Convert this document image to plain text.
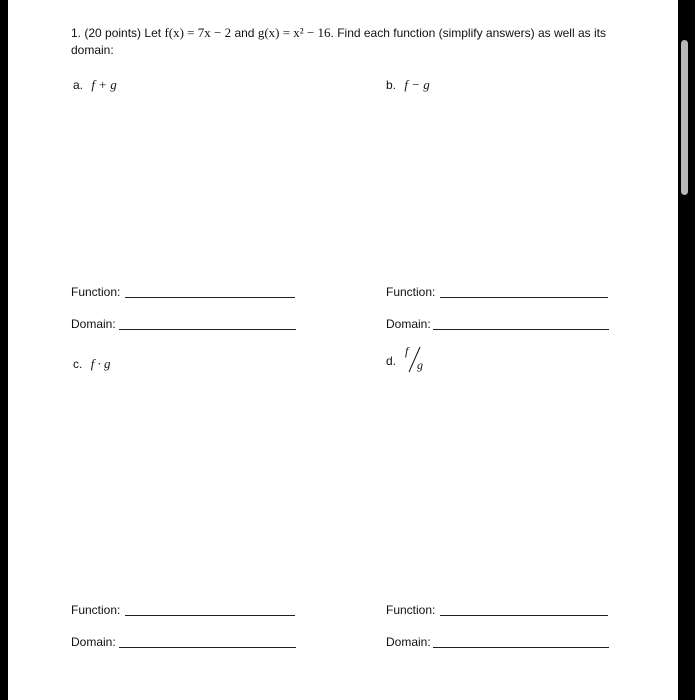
1. (20 points) Let f(x) = 7x − 2 and g(x) = x² − 16. Find each function (simplify answers) as well as its
domain:
a. f + g	b. f − g
Function:
Domain:
Function:
Domain:
c. f · g	d.
f
g
Function:
Domain:
Function:
Domain:
